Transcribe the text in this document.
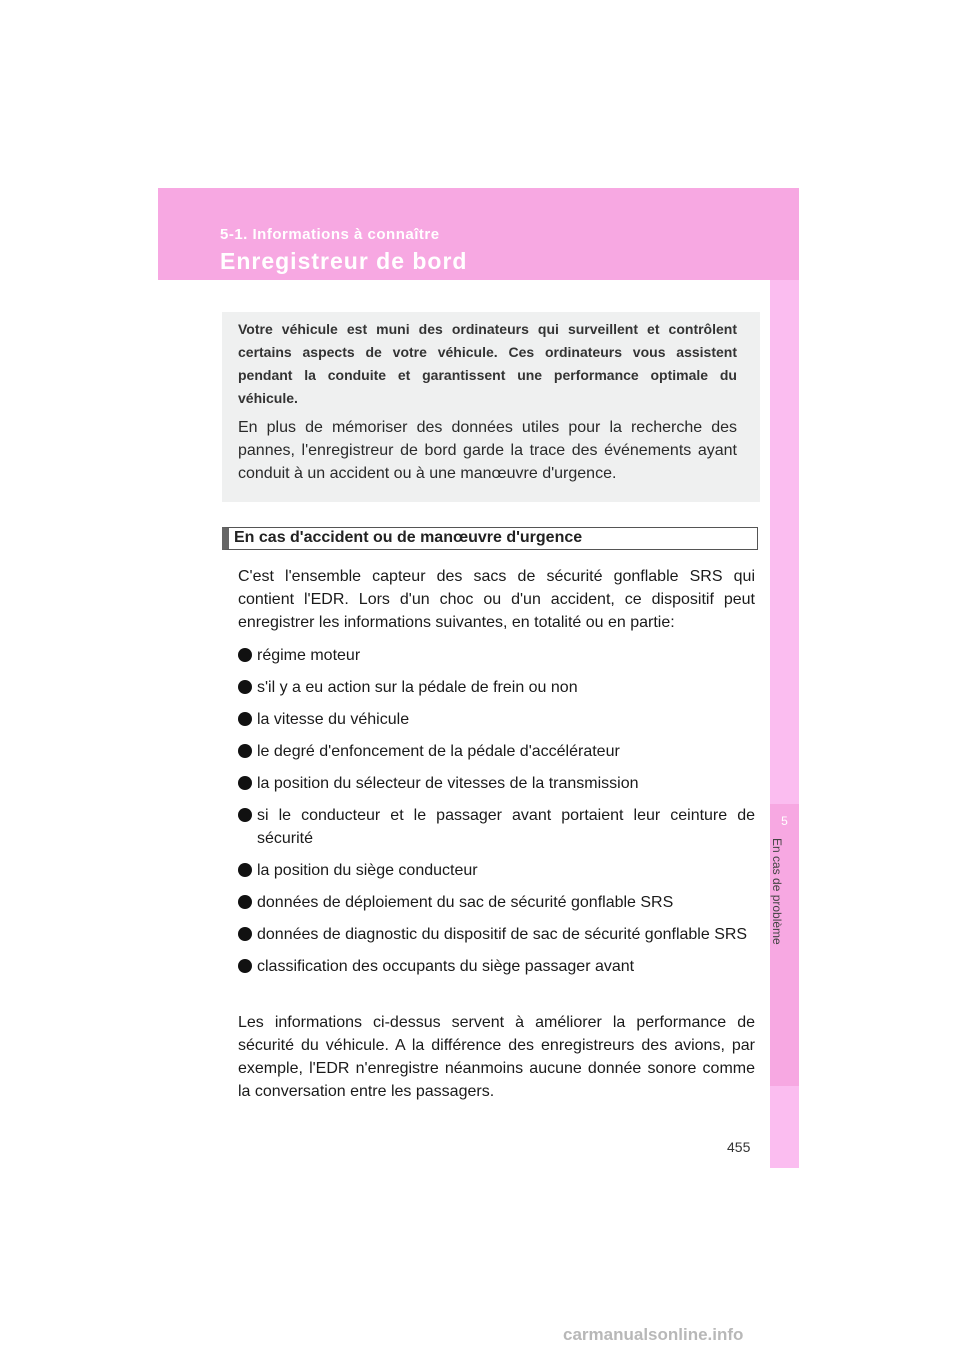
5-1. Informations à connaître
Enregistreur de bord
5
En cas de problème

Votre véhicule est muni des ordinateurs qui surveillent et contrôlent certains aspects de votre véhicule. Ces ordinateurs vous assistent pendant la conduite et garantissent une performance optimale du véhicule.

En plus de mémoriser des données utiles pour la recherche des pannes, l'enregistreur de bord garde la trace des événements ayant conduit à un accident ou à une manœuvre d'urgence.

En cas d'accident ou de manœuvre d'urgence

C'est l'ensemble capteur des sacs de sécurité gonflable SRS qui contient l'EDR. Lors d'un choc ou d'un accident, ce dispositif peut enregistrer les informations suivantes, en totalité ou en partie:

régime moteur
s'il y a eu action sur la pédale de frein ou non
la vitesse du véhicule
le degré d'enfoncement de la pédale d'accélérateur
la position du sélecteur de vitesses de la transmission
si le conducteur et le passager avant portaient leur ceinture de sécurité
la position du siège conducteur
données de déploiement du sac de sécurité gonflable SRS
données de diagnostic du dispositif de sac de sécurité gonflable SRS
classification des occupants du siège passager avant

Les informations ci-dessus servent à améliorer la performance de sécurité du véhicule. A la différence des enregistreurs des avions, par exemple, l'EDR n'enregistre néanmoins aucune donnée sonore comme la conversation entre les passagers.

455
carmanualsonline.info
